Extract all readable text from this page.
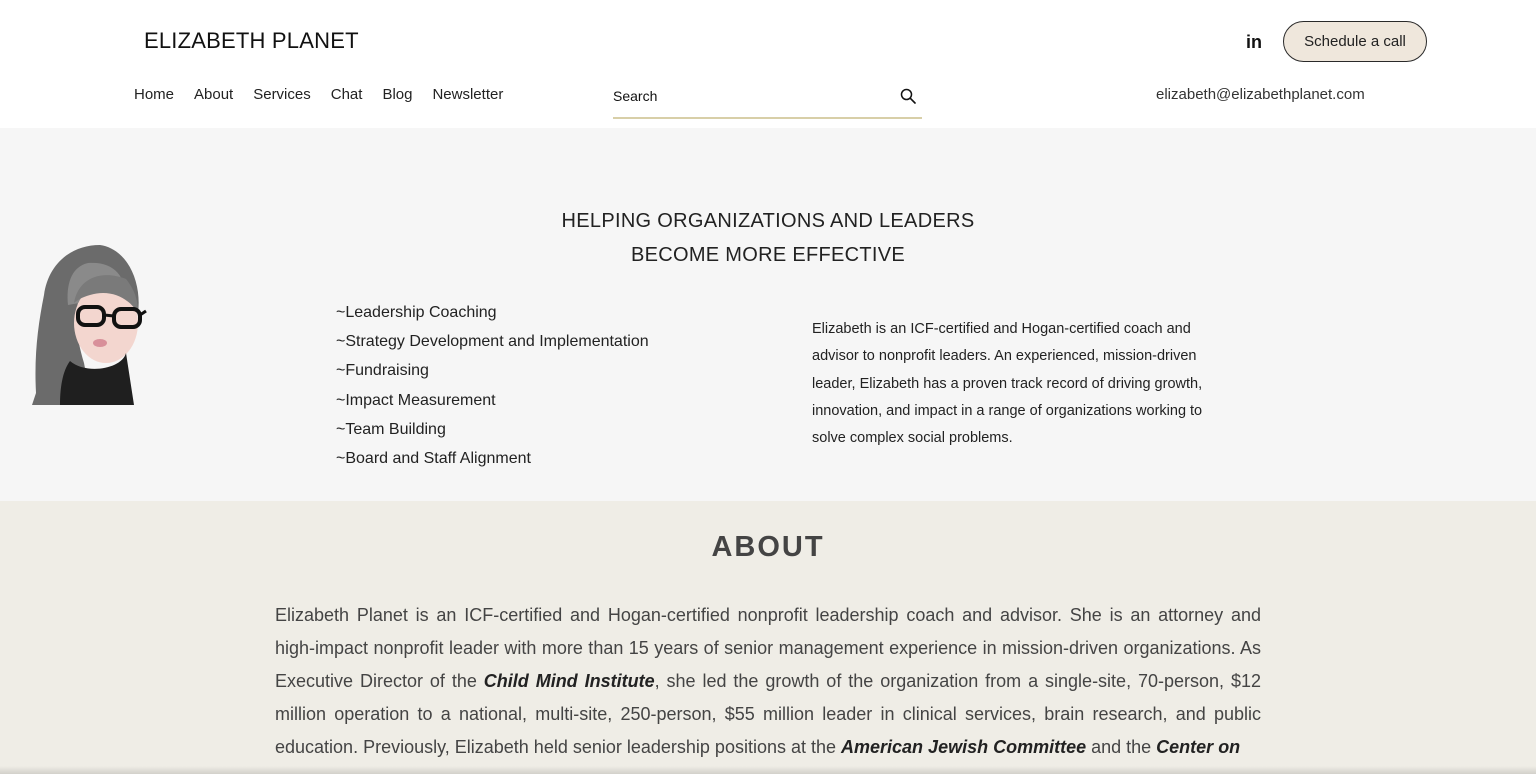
ELIZABETH PLANET	in	Schedule a call
Home About Services Chat Blog Newsletter
Search	elizabeth@elizabethplanet.com
HELPING ORGANIZATIONS AND LEADERS
BECOME MORE EFFECTIVE
~Leadership Coaching
~Strategy Development and Implementation
~Fundraising
~Impact Measurement
~Team Building
~Board and Staff Alignment

Elizabeth is an ICF-certified and Hogan-certified coach and advisor to nonprofit leaders. An experienced, mission-driven leader, Elizabeth has a proven track record of driving growth, innovation, and impact in a range of organizations working to solve complex social problems.

ABOUT

Elizabeth Planet is an ICF-certified and Hogan-certified nonprofit leadership coach and advisor. She is an attorney and high-impact nonprofit leader with more than 15 years of senior management experience in mission-driven organizations. As Executive Director of the Child Mind Institute, she led the growth of the organization from a single-site, 70-person, $12 million operation to a national, multi-site, 250-person, $55 million leader in clinical services, brain research, and public education. Previously, Elizabeth held senior leadership positions at the American Jewish Committee and the Center on
